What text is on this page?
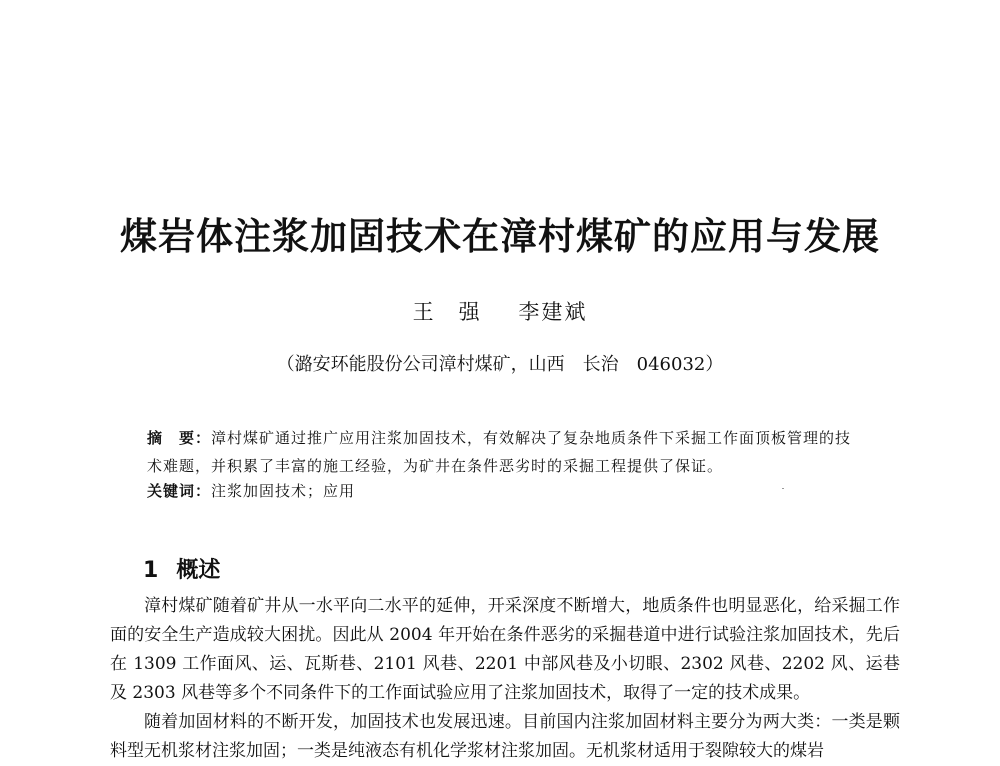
煤岩体注浆加固技术在漳村煤矿的应用与发展
王　强 李建斌
（潞安环能股份公司漳村煤矿，山西　长治　046032）
摘　要：漳村煤矿通过推广应用注浆加固技术，有效解决了复杂地质条件下采掘工作面顶板管理的技术难题，并积累了丰富的施工经验，为矿井在条件恶劣时的采掘工程提供了保证。
关键词：注浆加固技术；应用
1 概述

漳村煤矿随着矿井从一水平向二水平的延伸，开采深度不断增大，地质条件也明显恶化，给采掘工作面的安全生产造成较大困扰。因此从 2004 年开始在条件恶劣的采掘巷道中进行试验注浆加固技术，先后在 1309 工作面风、运、瓦斯巷、2101 风巷、2201 中部风巷及小切眼、2302 风巷、2202 风、运巷及 2303 风巷等多个不同条件下的工作面试验应用了注浆加固技术，取得了一定的技术成果。

随着加固材料的不断开发，加固技术也发展迅速。目前国内注浆加固材料主要分为两大类：一类是颗料型无机浆材注浆加固；一类是纯液态有机化学浆材注浆加固。无机浆材适用于裂隙较大的煤岩
